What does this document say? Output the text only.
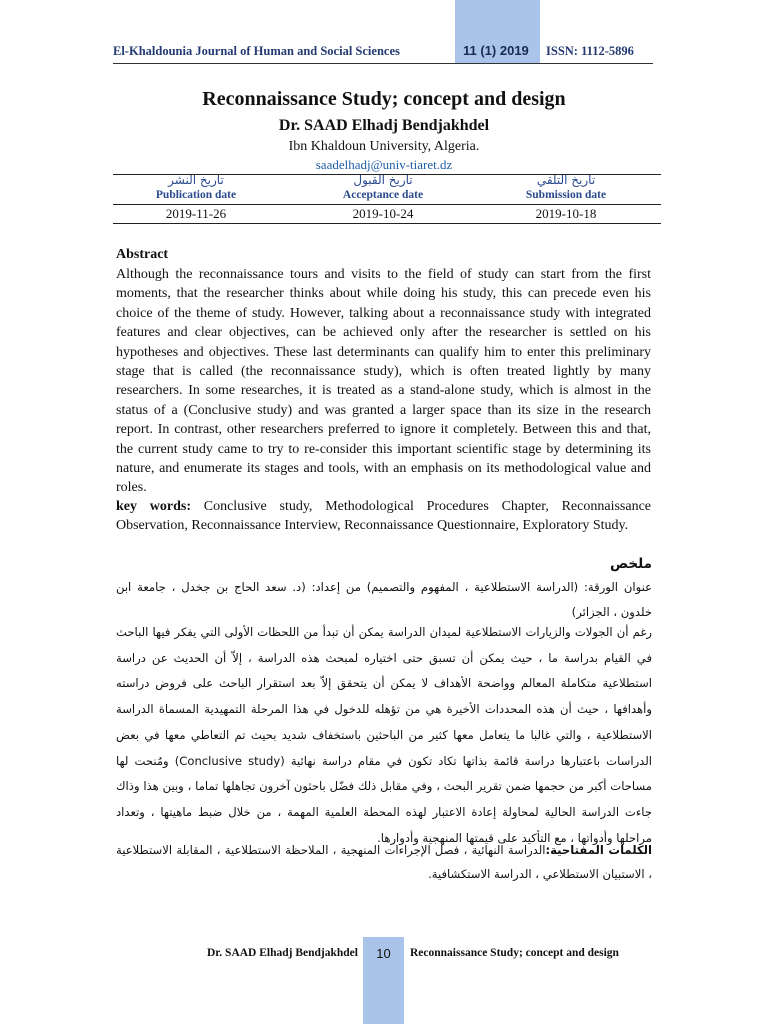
El-Khaldounia Journal of Human and Social Sciences	11 (1) 2019 ISSN: 1112-5896
Reconnaissance Study; concept and design
Dr. SAAD Elhadj Bendjakhdel
Ibn Khaldoun University, Algeria.
saadelhadj@univ-tiaret.dz
تاريخ النشر	تاريخ القبول	تاريخ التلقي
Publication date	Acceptance date	Submission date
2019-11-26	2019-10-24	2019-10-18
Abstract
Although the reconnaissance tours and visits to the field of study can start from the first moments, that the researcher thinks about while doing his study, this can precede even his choice of the theme of study. However, talking about a reconnaissance study with integrated features and clear objectives, can be achieved only after the researcher is settled on his hypotheses and objectives. These last determinants can qualify him to enter this preliminary stage that is called (the reconnaissance study), which is often treated lightly by many researchers. In some researches, it is treated as a stand-alone study, which is almost in the status of a (Conclusive study) and was granted a larger space than its size in the research report. In contrast, other researchers preferred to ignore it completely. Between this and that, the current study came to try to re-consider this important scientific stage by determining its nature, and enumerate its stages and tools, with an emphasis on its methodological value and roles.
key words: Conclusive study, Methodological Procedures Chapter, Reconnaissance Observation, Reconnaissance Interview, Reconnaissance Questionnaire, Exploratory Study.
ملخص
عنوان الورقة: (الدراسة الاستطلاعية ، المفهوم والتصميم) من إعداد: (د. سعد الحاج بن جخدل ، جامعة ابن خلدون ، الجزائر)
رغم أن الجولات والزيارات الاستطلاعية لميدان الدراسة يمكن أن تبدأ من اللحظات الأولى التي يفكر فيها الباحث في القيام بدراسة ما ، حيث يمكن أن تسبق حتى اختياره لمبحث هذه الدراسة ، إلاّ أن الحديث عن دراسة استطلاعية متكاملة المعالم وواضحة الأهداف لا يمكن أن يتحقق إلاّ بعد استقرار الباحث على فروض دراسته وأهدافها ، حيث أن هذه المحددات الأخيرة هي من تؤهله للدخول في هذا المرحلة التمهيدية المسماة الدراسة الاستطلاعية ، والتي غالبا ما يتعامل معها كثير من الباحثين باستخفاف شديد بحيث تم التعاطي معها في بعض الدراسات باعتبارها دراسة قائمة بذاتها تكاد تكون في مقام دراسة نهائية (Conclusive study) ومُنحت لها مساحات أكبر من حجمها ضمن تقرير البحث ، وفي مقابل ذلك فضّل باحثون آخرون تجاهلها تماما ، وبين هذا وذاك جاءت الدراسة الحالية لمحاولة إعادة الاعتبار لهذه المحطة العلمية المهمة ، من خلال ضبط ماهيتها ، وتعداد مراحلها وأدواتها ، مع التأكيد على قيمتها المنهجية وأدوارها.
الكلمات المفتاحية:الدراسة النهائية ، فصل الإجراءات المنهجية ، الملاحظة الاستطلاعية ، المقابلة الاستطلاعية ، الاستبيان الاستطلاعي ، الدراسة الاستكشافية.
Dr. SAAD Elhadj Bendjakhdel	10	Reconnaissance Study; concept and design
